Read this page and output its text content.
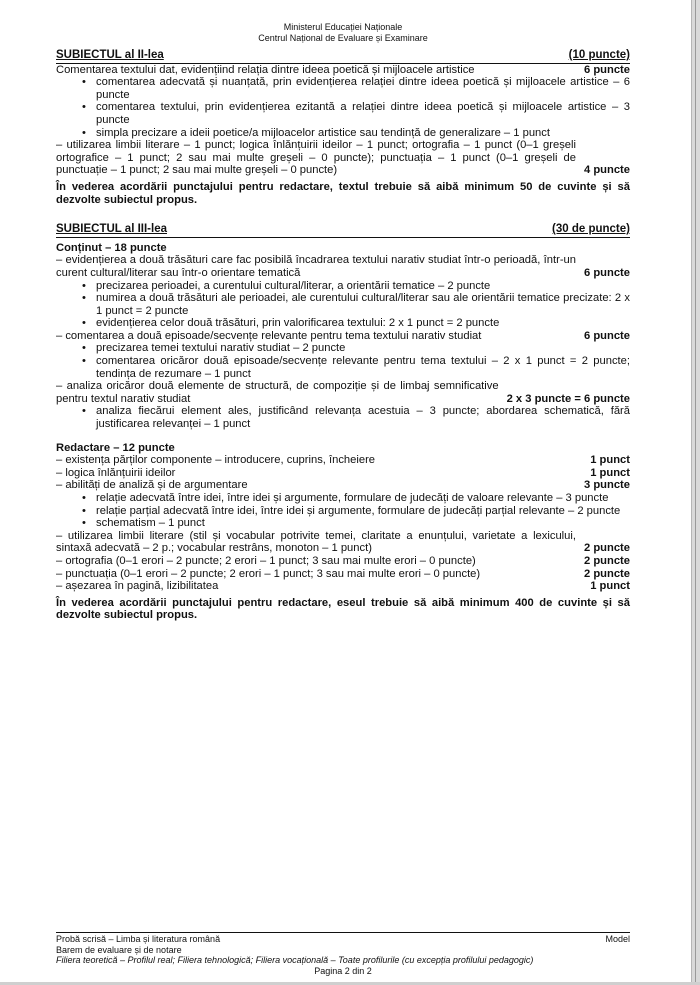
Ministerul Educației Naționale
Centrul Național de Evaluare și Examinare
SUBIECTUL al II-lea	(10 puncte)
Comentarea textului dat, evidențiind relația dintre ideea poetică și mijloacele artistice	6 puncte
• comentarea adecvată și nuanțată, prin evidențierea relației dintre ideea poetică și mijloacele artistice – 6 puncte
• comentarea textului, prin evidențierea ezitantă a relației dintre ideea poetică și mijloacele artistice – 3 puncte
• simpla precizare a ideii poetice/a mijloacelor artistice sau tendință de generalizare – 1 punct
– utilizarea limbii literare – 1 punct; logica înlănțuirii ideilor – 1 punct; ortografia – 1 punct (0–1 greșeli ortografice – 1 punct; 2 sau mai multe greșeli – 0 puncte); punctuația – 1 punct (0–1 greșeli de punctuație – 1 punct; 2 sau mai multe greșeli – 0 puncte)	4 puncte

În vederea acordării punctajului pentru redactare, textul trebuie să aibă minimum 50 de cuvinte și să dezvolte subiectul propus.

SUBIECTUL al III-lea	(30 de puncte)

Conținut – 18 puncte

– evidențierea a două trăsături care fac posibilă încadrarea textului narativ studiat într-o perioadă, într-un curent cultural/literar sau într-o orientare tematică	6 puncte
• precizarea perioadei, a curentului cultural/literar, a orientării tematice – 2 puncte
• numirea a două trăsături ale perioadei, ale curentului cultural/literar sau ale orientării tematice precizate: 2 x 1 punct = 2 puncte
• evidențierea celor două trăsături, prin valorificarea textului: 2 x 1 punct = 2 puncte
– comentarea a două episoade/secvențe relevante pentru tema textului narativ studiat	6 puncte
• precizarea temei textului narativ studiat – 2 puncte
• comentarea oricăror două episoade/secvențe relevante pentru tema textului – 2 x 1 punct = 2 puncte; tendința de rezumare – 1 punct
– analiza oricăror două elemente de structură, de compoziție și de limbaj semnificative pentru textul narativ studiat	2 x 3 puncte = 6 puncte
• analiza fiecărui element ales, justificând relevanța acestuia – 3 puncte; abordarea schematică, fără justificarea relevanței – 1 punct

Redactare – 12 puncte

– existența părților componente – introducere, cuprins, încheiere	1 punct
– logica înlănțuirii ideilor	1 punct
– abilități de analiză și de argumentare	3 puncte
• relație adecvată între idei, între idei și argumente, formulare de judecăți de valoare relevante – 3 puncte
• relație parțial adecvată între idei, între idei și argumente, formulare de judecăți parțial relevante – 2 puncte
• schematism – 1 punct
– utilizarea limbii literare (stil și vocabular potrivite temei, claritate a enunțului, varietate a lexicului, sintaxă adecvată – 2 p.; vocabular restrâns, monoton – 1 punct)	2 puncte
– ortografia (0–1 erori – 2 puncte; 2 erori – 1 punct; 3 sau mai multe erori – 0 puncte)	2 puncte
– punctuația (0–1 erori – 2 puncte; 2 erori – 1 punct; 3 sau mai multe erori – 0 puncte)	2 puncte
– așezarea în pagină, lizibilitatea	1 punct

În vederea acordării punctajului pentru redactare, eseul trebuie să aibă minimum 400 de cuvinte și să dezvolte subiectul propus.

Probă scrisă – Limba și literatura română	Model
Barem de evaluare și de notare
Filiera teoretică – Profilul real; Filiera tehnologică; Filiera vocațională – Toate profilurile (cu excepția profilului pedagogic)
Pagina 2 din 2
